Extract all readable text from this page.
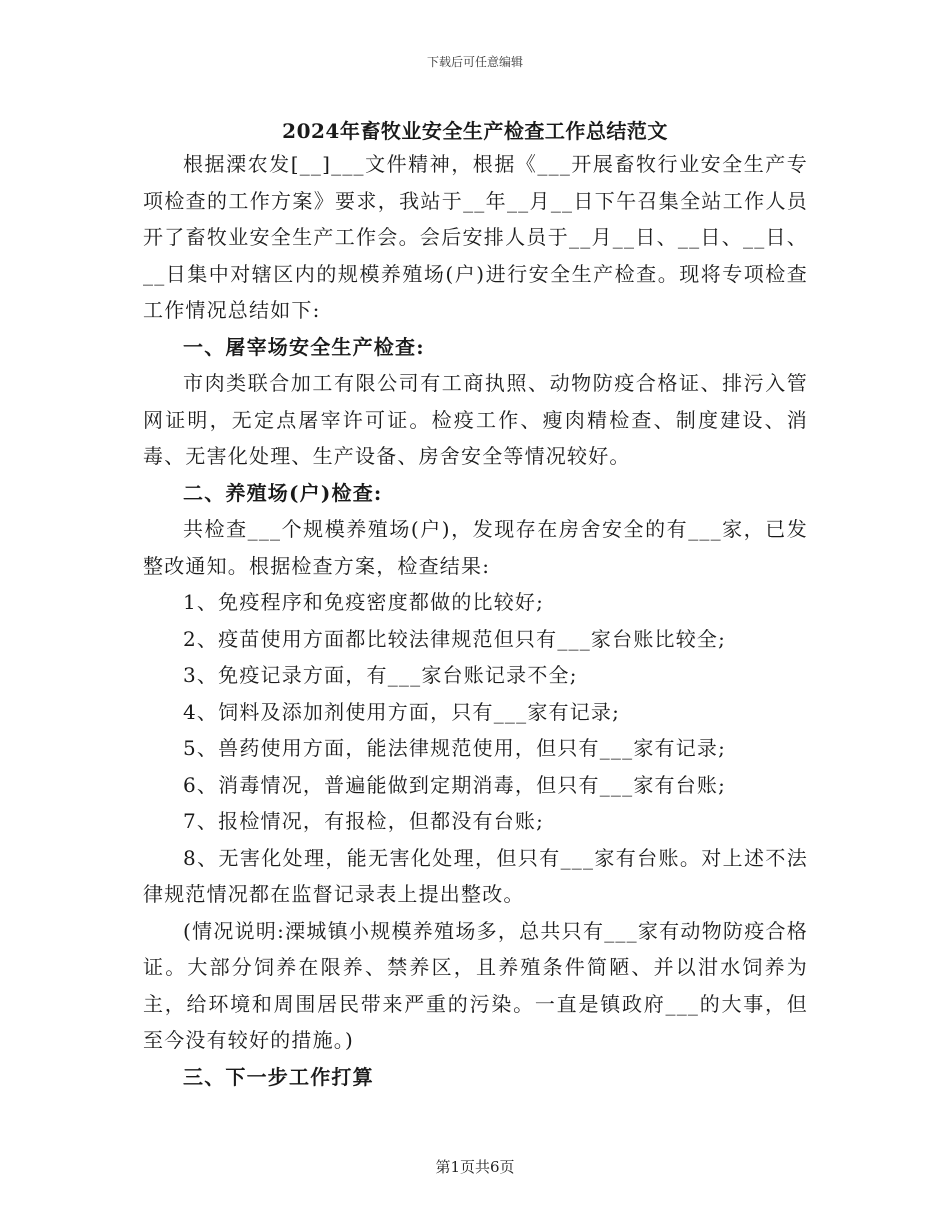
下载后可任意编辑
2024年畜牧业安全生产检查工作总结范文

根据溧农发[__]___文件精神，根据《___开展畜牧行业安全生产专项检查的工作方案》要求，我站于__年__月__日下午召集全站工作人员开了畜牧业安全生产工作会。会后安排人员于__月__日、__日、__日、__日集中对辖区内的规模养殖场(户)进行安全生产检查。现将专项检查工作情况总结如下:

一、屠宰场安全生产检查:

市肉类联合加工有限公司有工商执照、动物防疫合格证、排污入管网证明，无定点屠宰许可证。检疫工作、瘦肉精检查、制度建设、消毒、无害化处理、生产设备、房舍安全等情况较好。

二、养殖场(户)检查:

共检查___个规模养殖场(户)，发现存在房舍安全的有___家，已发整改通知。根据检查方案，检查结果:

1、免疫程序和免疫密度都做的比较好;

2、疫苗使用方面都比较法律规范但只有___家台账比较全;

3、免疫记录方面，有___家台账记录不全;

4、饲料及添加剂使用方面，只有___家有记录;

5、兽药使用方面，能法律规范使用，但只有___家有记录;

6、消毒情况，普遍能做到定期消毒，但只有___家有台账;

7、报检情况，有报检，但都没有台账;

8、无害化处理，能无害化处理，但只有___家有台账。对上述不法律规范情况都在监督记录表上提出整改。

(情况说明:溧城镇小规模养殖场多，总共只有___家有动物防疫合格证。大部分饲养在限养、禁养区，且养殖条件简陋、并以泔水饲养为主，给环境和周围居民带来严重的污染。一直是镇政府___的大事，但至今没有较好的措施。)

三、下一步工作打算

第1页共6页
